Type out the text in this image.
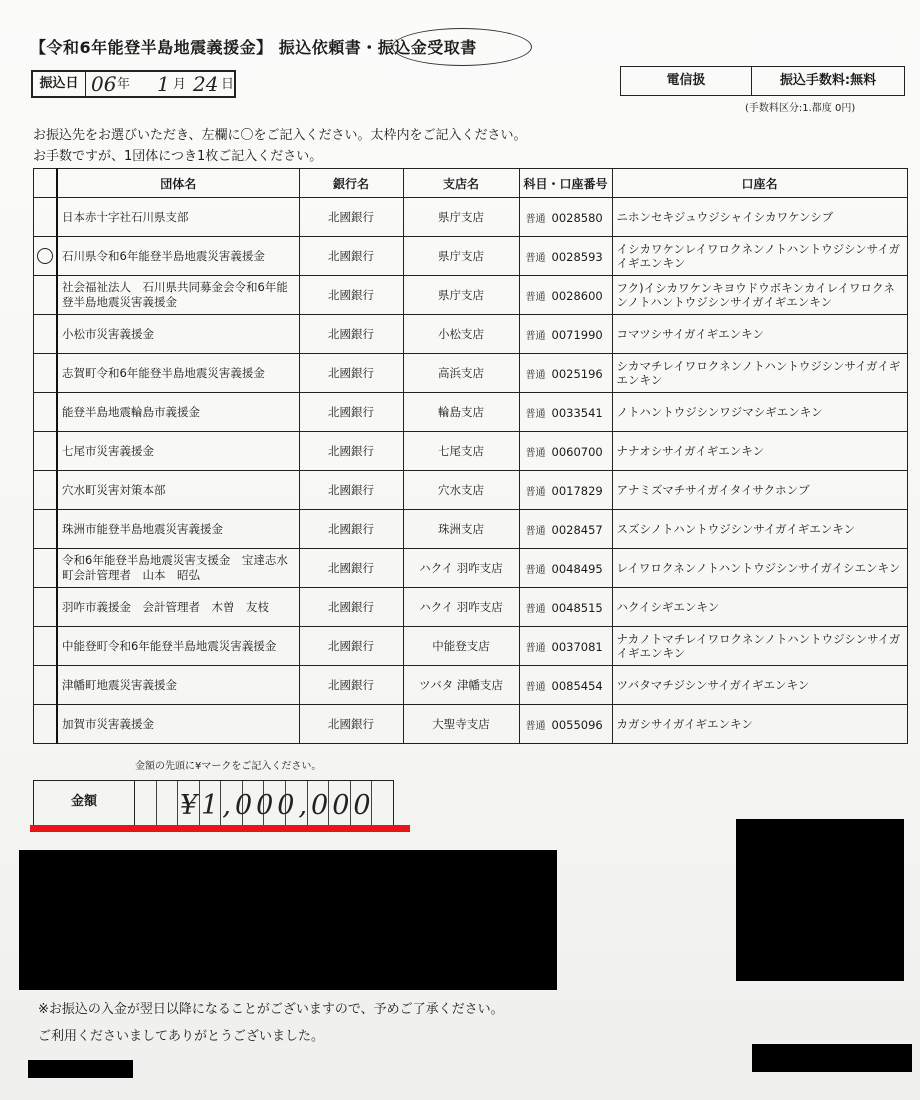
【令和6年能登半島地震義援金】 振込依頼書・振込金受取書
振込日 06 年 1 月 24 日	電信扱	振込手数料:無料
(手数料区分:1.都度 0円)
お振込先をお選びいただき、左欄に〇をご記入ください。太枠内をご記入ください。
お手数ですが、1団体につき1枚ご記入ください。
	団体名	銀行名	支店名	科目・口座番号	口座名
	日本赤十字社石川県支部	北國銀行	県庁支店	普通 0028580	ニホンセキジュウジシャイシカワケンシブ

	石川県令和6年能登半島地震災害義援金	北國銀行	県庁支店	普通 0028593	イシカワケンレイワロクネンノトハントウジシンサイガイギエンキン
	社会福祉法人　石川県共同募金会令和6年能登半島地震災害義援金	北國銀行	県庁支店	普通 0028600	フク)イシカワケンキヨウドウボキンカイレイワロクネンノトハントウジシンサイガイギエンキン
	小松市災害義援金	北國銀行	小松支店	普通 0071990	コマツシサイガイギエンキン
	志賀町令和6年能登半島地震災害義援金	北國銀行	高浜支店	普通 0025196	シカマチレイワロクネンノトハントウジシンサイガイギエンキン
	能登半島地震輪島市義援金	北國銀行	輪島支店	普通 0033541	ノトハントウジシンワジマシギエンキン
	七尾市災害義援金	北國銀行	七尾支店	普通 0060700	ナナオシサイガイギエンキン
	穴水町災害対策本部	北國銀行	穴水支店	普通 0017829	アナミズマチサイガイタイサクホンブ
	珠洲市能登半島地震災害義援金	北國銀行	珠洲支店	普通 0028457	スズシノトハントウジシンサイガイギエンキン
	令和6年能登半島地震災害支援金　宝達志水町会計管理者　山本　昭弘	北國銀行	ハクイ 羽咋支店	普通 0048495	レイワロクネンノトハントウジシンサイガイシエンキン
	羽咋市義援金　会計管理者　木曽　友枝	北國銀行	ハクイ 羽咋支店	普通 0048515	ハクイシギエンキン
	中能登町令和6年能登半島地震災害義援金	北國銀行	中能登支店	普通 0037081	ナカノトマチレイワロクネンノトハントウジシンサイガイギエンキン
	津幡町地震災害義援金	北國銀行	ツバタ 津幡支店	普通 0085454	ツバタマチジシンサイガイギエンキン
	加賀市災害義援金	北國銀行	大聖寺支店	普通 0055096	カガシサイガイギエンキン
金額の先頭に¥マークをご記入ください。
金額	¥1,000,000
※お振込の入金が翌日以降になることがございますので、予めご了承ください。
ご利用くださいましてありがとうございました。
